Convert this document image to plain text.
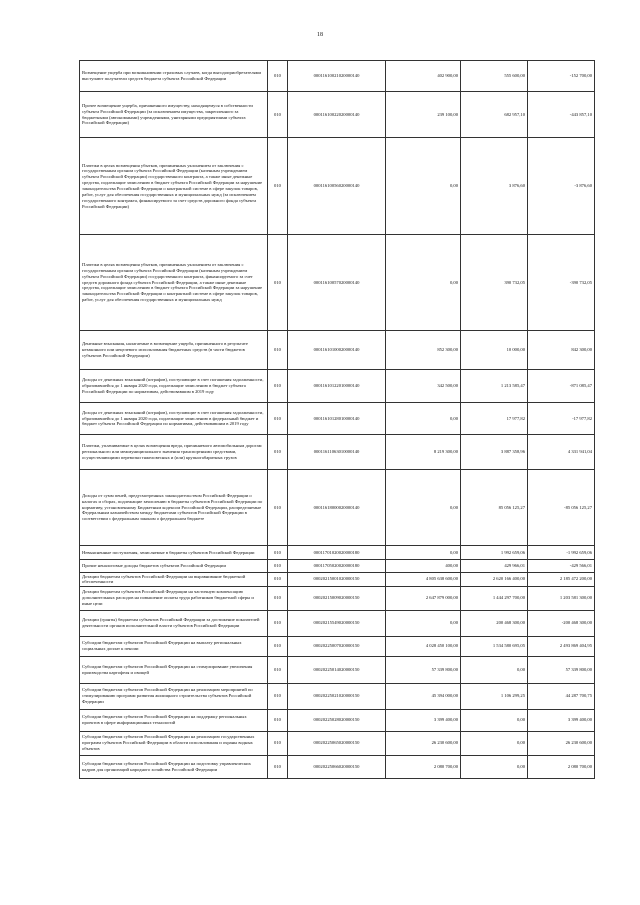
18
Возмещение ущерба при возникновении страховых случаев, когда выгодоприобретателями выступают получатели средств бюджета субъекта Российской Федерации	010	00011610021020000140	402 900,00	555 600,00	-152 700,00
Прочее возмещение ущерба, причиненного имуществу, находящемуся в собственности субъекта Российской Федерации (за исключением имущества, закрепленного за бюджетными (автономными) учреждениями, унитарными предприятиями субъекта Российской Федерации)	010	00011610022020000140	239 100,00	682 957,10	-443 857,10
Платежи в целях возмещения убытков, причиненных уклонением от заключения с государственным органом субъекта Российской Федерации (казенным учреждением субъекта Российской Федерации) государственного контракта, а также иные денежные средства, подлежащие зачислению в бюджет субъекта Российской Федерации за нарушение законодательства Российской Федерации о контрактной системе в сфере закупок товаров, работ, услуг для обеспечения государственных и муниципальных нужд (за исключением государственного контракта, финансируемого за счет средств дорожного фонда субъекта Российской Федерации)	010	00011610056020000140	0,00	3 876,60	-3 876,60
Платежи в целях возмещения убытков, причиненных уклонением от заключения с государственным органом субъекта Российской Федерации (казенным учреждением субъекта Российской Федерации) государственного контракта, финансируемого за счет средств дорожного фонда субъекта Российской Федерации, а также иные денежные средства, подлежащие зачислению в бюджет субъекта Российской Федерации за нарушение законодательства Российской Федерации о контрактной системе в сфере закупок товаров, работ, услуг для обеспечения государственных и муниципальных нужд	010	00011610057020000140	0,00	390 732,05	-390 732,05
Денежные взыскания, налагаемые в возмещение ущерба, причиненного в результате незаконного или нецелевого использования бюджетных средств (в части бюджетов субъектов Российской Федерации)	010	00011610100020000140	852 300,00	10 000,00	842 300,00
Доходы от денежных взысканий (штрафов), поступающие в счет погашения задолженности, образовавшейся до 1 января 2020 года, подлежащие зачислению в бюджет субъекта Российской Федерации по нормативам, действовавшим в 2019 году	010	00011610122010000140	342 500,00	1 213 585,47	-871 085,47
Доходы от денежных взысканий (штрафов), поступающие в счет погашения задолженности, образовавшейся до 1 января 2020 года, подлежащие зачислению в федеральный бюджет и бюджет субъекта Российской Федерации по нормативам, действовавшим в 2019 году	010	00011610128010000140	0,00	17 977,82	-17 977,82
Платежи, уплачиваемые в целях возмещения вреда, причиняемого автомобильным дорогам регионального или межмуниципального значения транспортными средствами, осуществляющими перевозки тяжеловесных и (или) крупногабаритных грузов	010	00011611063010000140	8 219 300,00	3 887 358,96	4 331 941,04
Доходы от сумм пеней, предусмотренных законодательством Российской Федерации о налогах и сборах, подлежащие зачислению в бюджеты субъектов Российской Федерации по нормативу, установленному Бюджетным кодексом Российской Федерации, распределяемые Федеральным казначейством между бюджетами субъектов Российской Федерации в соответствии с федеральным законом о федеральном бюджете	010	00011618000020000140	0,00	85 056 125,27	-85 056 125,27
Невыясненные поступления, зачисляемые в бюджеты субъектов Российской Федерации	010	00011701020020000180	0,00	1 992 659,06	-1 992 659,06
Прочие неналоговые доходы бюджетов субъектов Российской Федерации	010	00011705020020000180	400,00	429 966,01	-429 566,01
Дотации бюджетам субъектов Российской Федерации на выравнивание бюджетной обеспеченности	010	00020215001020000150	4 805 638 600,00	2 620 166 400,00	2 185 472 200,00
Дотации бюджетам субъектов Российской Федерации на частичную компенсацию дополнительных расходов на повышение оплаты труда работников бюджетной сферы и иные цели	010	00020215009020000150	2 647 879 000,00	1 444 297 700,00	1 203 581 300,00
Дотации (гранты) бюджетам субъектов Российской Федерации за достижение показателей деятельности органов исполнительной власти субъектов Российской Федерации	010	00020215549020000150	0,00	200 468 300,00	-200 468 300,00
Субсидии бюджетам субъектов Российской Федерации на выплату региональных социальных доплат к пенсии	010	00020225007020000150	4 028 450 100,00	1 534 580 695,05	2 493 869 404,95
Субсидии бюджетам субъектов Российской Федерации на стимулирование увеличения производства картофеля и овощей	010	00020225014020000150	57 339 800,00	0,00	57 339 800,00
Субсидии бюджетам субъектов Российской Федерации на реализацию мероприятий по стимулированию программ развития жилищного строительства субъектов Российской Федерации	010	00020225021020000150	45 394 000,00	1 106 299,25	44 287 700,75
Субсидии бюджетам субъектов Российской Федерации на поддержку региональных проектов в сфере информационных технологий	010	00020225028020000150	3 399 400,00	0,00	3 399 400,00
Субсидии бюджетам субъектов Российской Федерации на реализацию государственных программ субъектов Российской Федерации в области использования и охраны водных объектов	010	00020225065020000150	26 230 600,00	0,00	26 230 600,00
Субсидии бюджетам субъектов Российской Федерации на подготовку управленческих кадров для организаций народного хозяйства Российской Федерации	010	00020225066020000150	2 080 700,00	0,00	2 080 700,00
